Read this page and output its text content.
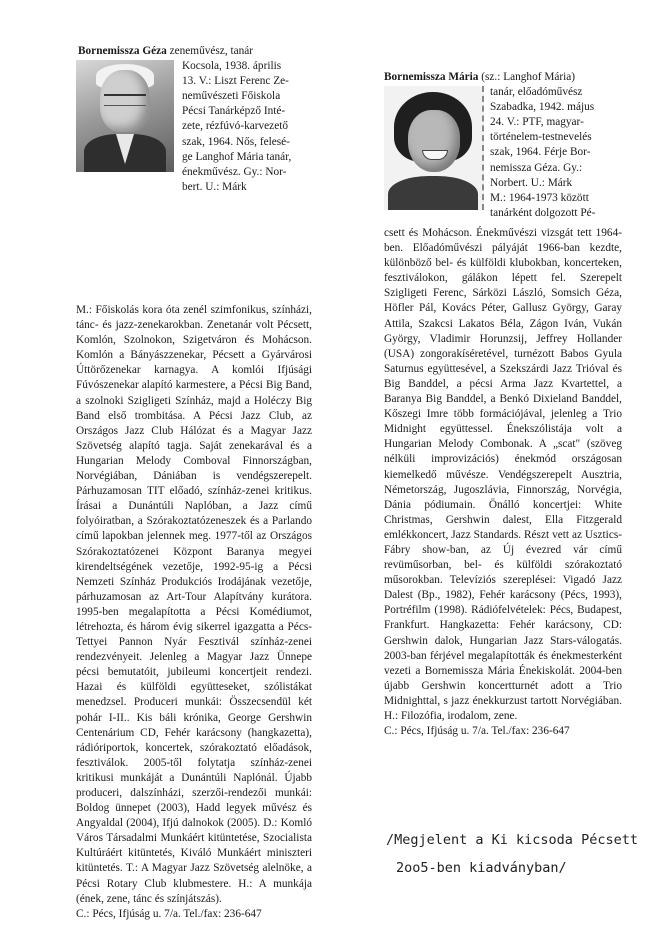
Bornemissza Géza zeneművész, tanár

Kocsola, 1938. április

13. V.: Liszt Ferenc Ze-

neművészeti Főiskola

Pécsi Tanárképző Inté-

zete, rézfúvó-karvezető

szak, 1964. Nős, felesé-

ge Langhof Mária tanár,

énekművész. Gy.: Nor-

bert. U.: Márk

M.: Főiskolás kora óta zenél szimfonikus, színházi, tánc- és jazz-zenekarokban. Zenetanár volt Pécsett, Komlón, Szolnokon, Szigetváron és Mohácson. Komlón a Bányászzenekar, Pécsett a Gyárvárosi Úttörőzenekar karnagya. A komlói Ifjúsági Fúvószenekar alapító karmestere, a Pécsi Big Band, a szolnoki Szigligeti Színház, majd a Holéczy Big Band első trombitása. A Pécsi Jazz Club, az Országos Jazz Club Hálózat és a Magyar Jazz Szövetség alapító tagja. Saját zenekarával és a Hungarian Melody Comboval Finnországban, Norvégiában, Dániában is vendégszerepelt. Párhuzamosan TIT előadó, színház-zenei kritikus. Írásai a Dunántúli Naplóban, a Jazz című folyóiratban, a Szórakoztatózeneszek és a Parlando című lapokban jelennek meg. 1977-től az Országos Szórakoztatózenei Központ Baranya megyei kirendeltségének vezetője, 1992-95-ig a Pécsi Nemzeti Színház Produkciós Irodájának vezetője, párhuzamosan az Art-Tour Alapítvány kurátora. 1995-ben megalapította a Pécsi Komédiumot, létrehozta, és három évig sikerrel igazgatta a Pécs-Tettyei Pannon Nyár Fesztivál színház-zenei rendezvényeit. Jelenleg a Magyar Jazz Ünnepe pécsi bemutatóit, jubileumi koncertjeit rendezi. Hazai és külföldi együtteseket, szólistákat menedzsel. Produceri munkái: Összecsendül két pohár I-II.. Kis báli krónika, George Gershwin Centenárium CD, Fehér karácsony (hangkazetta), rádióriportok, koncertek, szórakoztató előadások, fesztiválok. 2005-től folytatja színház-zenei kritikusi munkáját a Dunántúli Naplónál. Újabb produceri, dalszínházi, szerzői-rendezői munkái: Boldog ünnepet (2003), Hadd legyek művész és Angyaldal (2004), Ifjú dalnokok (2005). D.: Komló Város Társadalmi Munkáért kitüntetése, Szocialista Kultúráért kitüntetés, Kiváló Munkáért miniszteri kitüntetés. T.: A Magyar Jazz Szövetség alelnöke, a Pécsi Rotary Club klubmestere. H.: A munkája (ének, zene, tánc és színjátszás).

C.: Pécs, Ifjúság u. 7/a. Tel./fax: 236-647

Bornemissza Mária (sz.: Langhof Mária)

tanár, előadóművész

Szabadka, 1942. május

24. V.: PTF, magyar-

történelem-testnevelés

szak, 1964. Férje Bor-

nemissza Géza. Gy.:

Norbert. U.: Márk

M.: 1964-1973 között

tanárként dolgozott Pé-

csett és Mohácson. Énekművészi vizsgát tett 1964-ben. Előadóművészi pályáját 1966-ban kezdte, különböző bel- és külföldi klubokban, koncerteken, fesztiválokon, gálákon lépett fel. Szerepelt Szigligeti Ferenc, Sárközi László, Somsich Géza, Höfler Pál, Kovács Péter, Gallusz György, Garay Attila, Szakcsi Lakatos Béla, Zágon Iván, Vukán György, Vladimir Horunzsij, Jeffrey Hollander (USA) zongorakíséretével, turnézott Babos Gyula Saturnus együttesével, a Szekszárdi Jazz Trióval és Big Banddel, a pécsi Arma Jazz Kvartettel, a Baranya Big Banddel, a Benkó Dixieland Banddel, Kőszegi Imre több formációjával, jelenleg a Trio Midnight együttessel. Énekszólistája volt a Hungarian Melody Combonak. A „scat" (szöveg nélküli improvizációs) énekmód országosan kiemelkedő művésze. Vendégszerepelt Ausztria, Németország, Jugoszlávia, Finnország, Norvégia, Dánia pódiumain. Önálló koncertjei: White Christmas, Gershwin dalest, Ella Fitzgerald emlékkoncert, Jazz Standards. Részt vett az Usztics-Fábry show-ban, az Új évezred vár című revüműsorban, bel- és külföldi szórakoztató műsorokban. Televíziós szereplései: Vigadó Jazz Dalest (Bp., 1982), Fehér karácsony (Pécs, 1993), Portréfilm (1998). Rádiófelvételek: Pécs, Budapest, Frankfurt. Hangkazetta: Fehér karácsony, CD: Gershwin dalok, Hungarian Jazz Stars-válogatás. 2003-ban férjével megalapították és énekmesterként vezeti a Bornemissza Mária Énekiskolát. 2004-ben újabb Gershwin koncertturnét adott a Trio Midnighttal, s jazz énekkurzust tartott Norvégiában. H.: Filozófia, irodalom, zene.

C.: Pécs, Ifjúság u. 7/a. Tel./fax: 236-647

/Megjelent a Ki kicsoda Pécsett
2oo5-ben kiadványban/
